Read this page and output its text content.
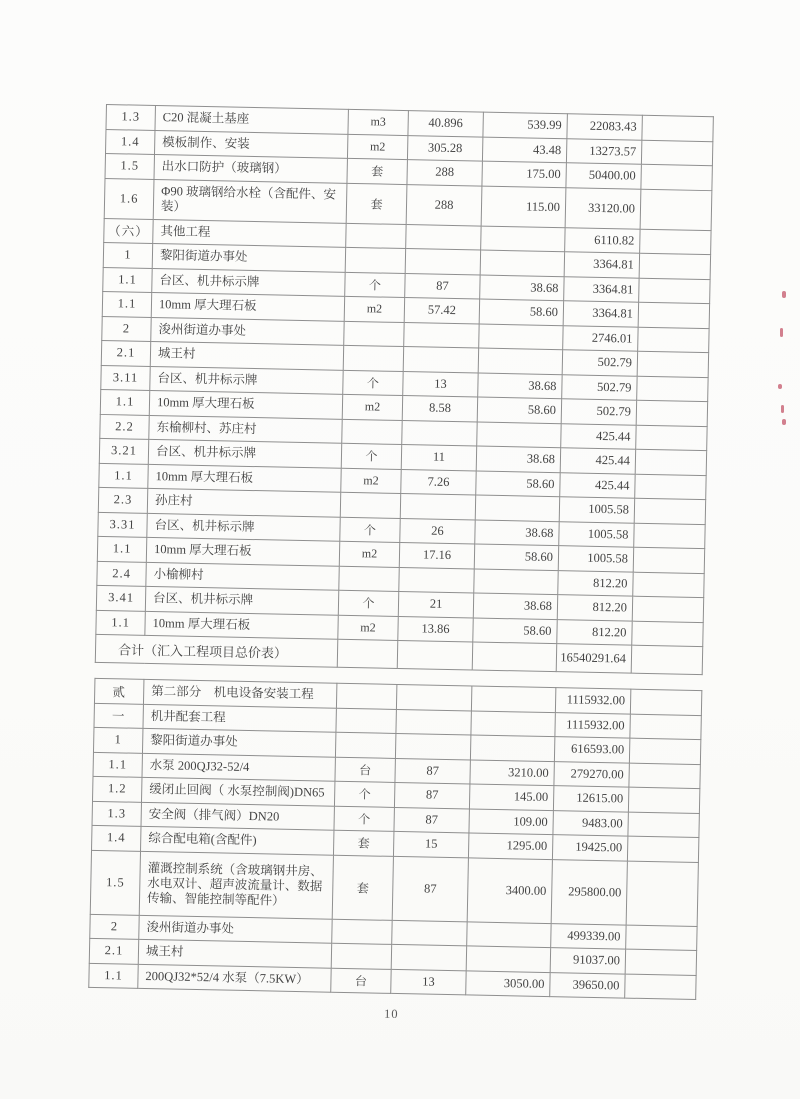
1.3	C20 混凝土基座	m3	40.896	539.99	22083.43	
1.4	模板制作、安装	m2	305.28	43.48	13273.57	
1.5	出水口防护（玻璃钢）	套	288	175.00	50400.00	
1.6	Φ90 玻璃钢给水栓（含配件、安装）	套	288	115.00	33120.00	
（六）	其他工程				6110.82	
1	黎阳街道办事处				3364.81	
1.1	台区、机井标示牌	个	87	38.68	3364.81	
1.1	10mm 厚大理石板	m2	57.42	58.60	3364.81	
2	浚州街道办事处				2746.01	
2.1	城王村				502.79	
3.11	台区、机井标示牌	个	13	38.68	502.79	
1.1	10mm 厚大理石板	m2	8.58	58.60	502.79	
2.2	东榆柳村、苏庄村				425.44	
3.21	台区、机井标示牌	个	11	38.68	425.44	
1.1	10mm 厚大理石板	m2	7.26	58.60	425.44	
2.3	孙庄村				1005.58	
3.31	台区、机井标示牌	个	26	38.68	1005.58	
1.1	10mm 厚大理石板	m2	17.16	58.60	1005.58	
2.4	小榆柳村				812.20	
3.41	台区、机井标示牌	个	21	38.68	812.20	
1.1	10mm 厚大理石板	m2	13.86	58.60	812.20	
合计（汇入工程项目总价表）					16540291.64	
贰	第二部分　机电设备安装工程				1115932.00	
一	机井配套工程				1115932.00	
1	黎阳街道办事处				616593.00	
1.1	水泵 200QJ32-52/4	台	87	3210.00	279270.00	
1.2	缓闭止回阀（ 水泵控制阀)DN65	个	87	145.00	12615.00	
1.3	安全阀（排气阀）DN20	个	87	109.00	9483.00	
1.4	综合配电箱(含配件)	套	15	1295.00	19425.00	
1.5	灌溉控制系统（含玻璃钢井房、水电双计、超声波流量计、数据传输、智能控制等配件）	套	87	3400.00	295800.00	
2	浚州街道办事处				499339.00	
2.1	城王村				91037.00	
1.1	200QJ32*52/4 水泵（7.5KW）	台	13	3050.00	39650.00	
10
